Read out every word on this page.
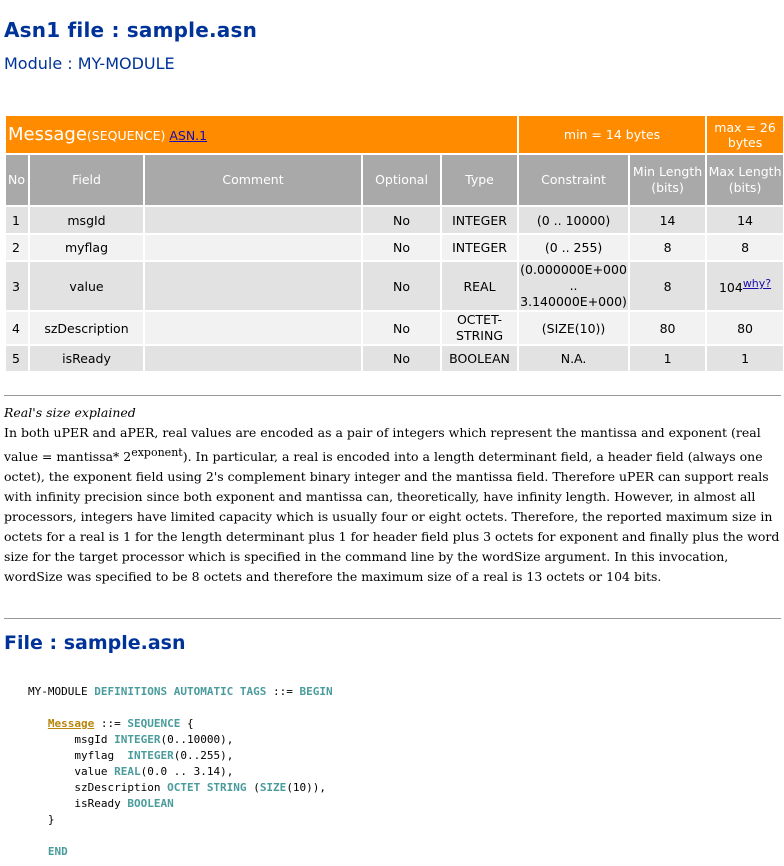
Asn1 file : sample.asn
Module : MY-MODULE
Message(SEQUENCE) ASN.1					min = 14 bytes		max = 26 bytes
No	Field	Comment	Optional	Type	Constraint	Min Length (bits)	Max Length (bits)
1	msgId		No	INTEGER	(0 .. 10000)	14	14
2	myflag		No	INTEGER	(0 .. 255)	8	8
3	value		No	REAL	(0.000000E+000 .. 3.140000E+000)	8	104why?
4	szDescription		No	OCTET-STRING	(SIZE(10))	80	80
5	isReady		No	BOOLEAN	N.A.	1	1
Real's size explained
In both uPER and aPER, real values are encoded as a pair of integers which represent the mantissa and exponent (real value = mantissa* $2^{exponent}$). In particular, a real is encoded into a length determinant field, a header field (always one octet), the exponent field using 2's complement binary integer and the mantissa field. Therefore uPER can support reals with infinity precision since both exponent and mantissa can, theoretically, have infinity length. However, in almost all processors, integers have limited capacity which is usually four or eight octets. Therefore, the reported maximum size in octets for a real is 1 for the length determinant plus 1 for header field plus 3 octets for exponent and finally plus the word size for the target processor which is specified in the command line by the wordSize argument. In this invocation, wordSize was specified to be 8 octets and therefore the maximum size of a real is 13 octets or 104 bits.
File : sample.asn
MY-MODULE DEFINITIONS AUTOMATIC TAGS ::= BEGIN

Message ::= SEQUENCE {
msgId INTEGER(0..10000),
myflag INTEGER(0..255),
value REAL(0.0 .. 3.14),
szDescription OCTET STRING (SIZE(10)),
isReady BOOLEAN
}

END
